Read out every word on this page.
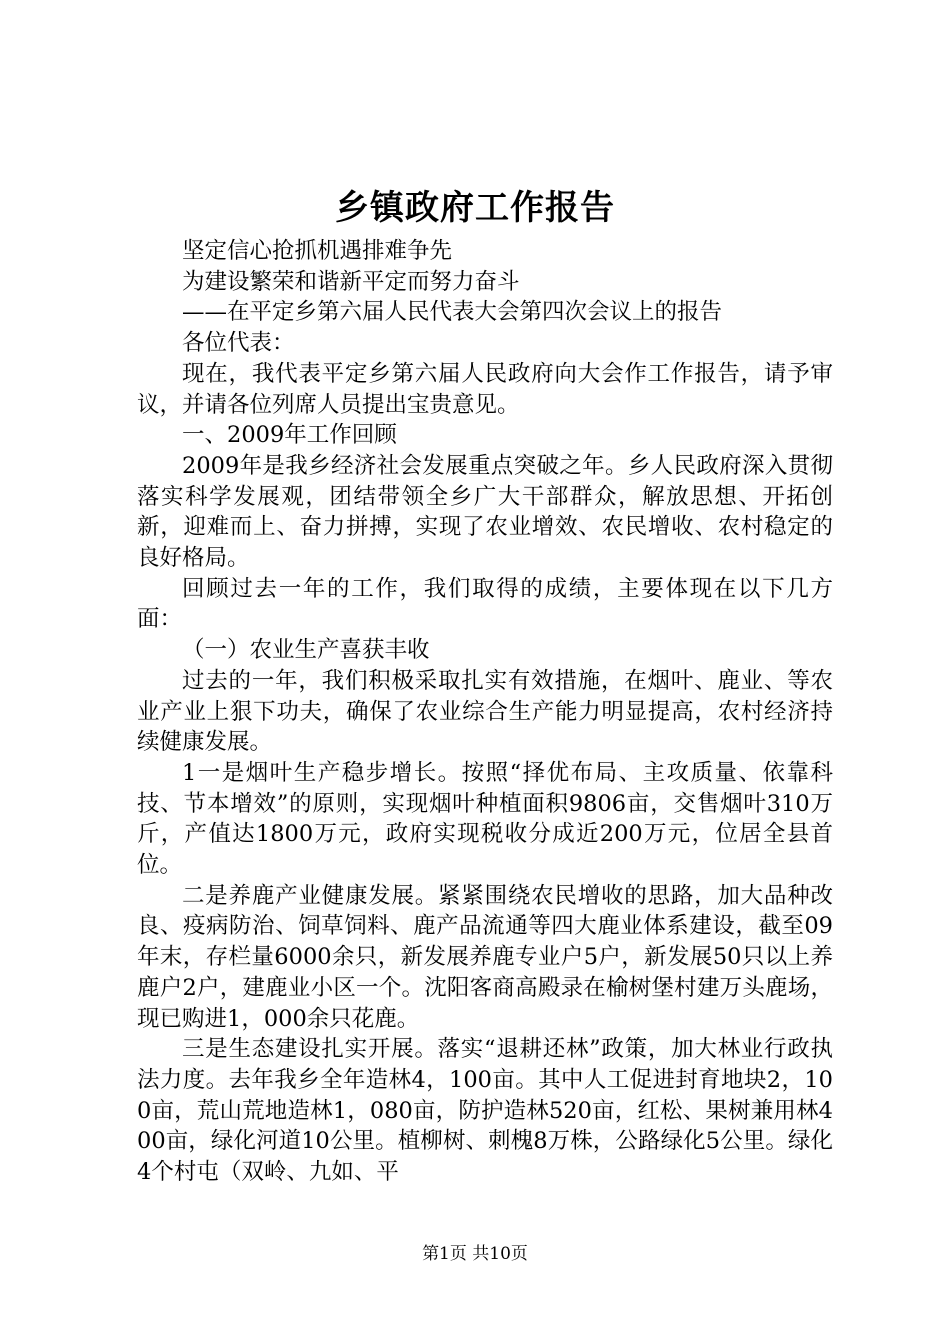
乡镇政府工作报告

坚定信心抢抓机遇排难争先

为建设繁荣和谐新平定而努力奋斗

——在平定乡第六届人民代表大会第四次会议上的报告

各位代表：

现在，我代表平定乡第六届人民政府向大会作工作报告，请予审议，并请各位列席人员提出宝贵意见。

一、2009年工作回顾

2009年是我乡经济社会发展重点突破之年。乡人民政府深入贯彻落实科学发展观，团结带领全乡广大干部群众，解放思想、开拓创新，迎难而上、奋力拼搏，实现了农业增效、农民增收、农村稳定的良好格局。

回顾过去一年的工作，我们取得的成绩，主要体现在以下几方面：

（一）农业生产喜获丰收

过去的一年，我们积极采取扎实有效措施，在烟叶、鹿业、等农业产业上狠下功夫，确保了农业综合生产能力明显提高，农村经济持续健康发展。

1一是烟叶生产稳步增长。按照“择优布局、主攻质量、依靠科技、节本增效”的原则，实现烟叶种植面积9806亩，交售烟叶310万斤，产值达1800万元，政府实现税收分成近200万元，位居全县首位。

二是养鹿产业健康发展。紧紧围绕农民增收的思路，加大品种改良、疫病防治、饲草饲料、鹿产品流通等四大鹿业体系建设，截至09年末，存栏量6000余只，新发展养鹿专业户5户，新发展50只以上养鹿户2户，建鹿业小区一个。沈阳客商高殿录在榆树堡村建万头鹿场，现已购进1，000余只花鹿。

三是生态建设扎实开展。落实“退耕还林”政策，加大林业行政执法力度。去年我乡全年造林4，100亩。其中人工促进封育地块2，100亩，荒山荒地造林1，080亩，防护造林520亩，红松、果树兼用林400亩，绿化河道10公里。植柳树、刺槐8万株，公路绿化5公里。绿化4个村屯（双岭、九如、平

第1页 共10页
